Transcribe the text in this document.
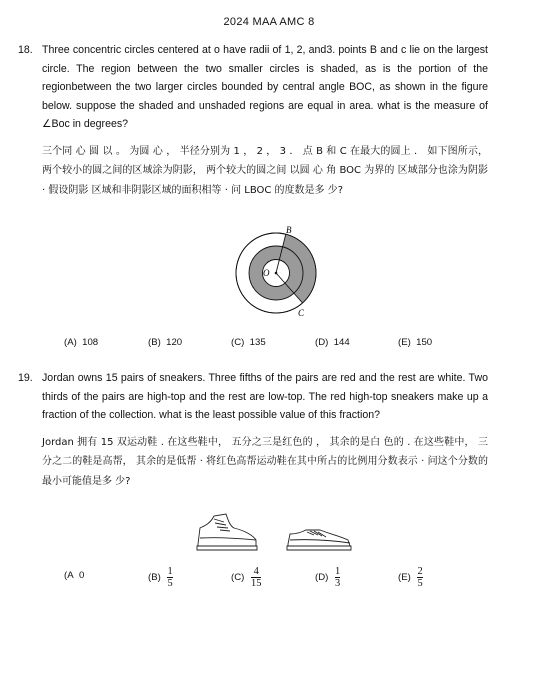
2024 MAA AMC 8
18. Three concentric circles centered at o have radii of 1, 2, and3. points B and c lie on the largest circle. The region between the two smaller circles is shaded, as is the portion of the regionbetween the two larger circles bounded by central angle BOC, as shown in the figure below. suppose the shaded and unshaded regions are equal in area. what is the measure of ∠Boc in degrees?
三个同 心 圆 以 。 为圆 心 ， 半径分别为 1 ， 2 ， 3 ． 点 B 和 C 在最大的圆上 ． 如下图所示， 两个较小的圆之间的区域涂为阴影， 两个较大的圆之间 以圆 心 角 BOC 为界的 区域部分也涂为阴影 · 假设阴影 区域和非阴影区域的面积相等 · 问 LBOC 的度数是多 少?
O
B
C
(A) 108	(B) 120	(C) 135	(D) 144	(E) 150
19. Jordan owns 15 pairs of sneakers. Three fifths of the pairs are red and the rest are white. Two thirds of the pairs are high-top and the rest are low-top. The red high-top sneakers make up a fraction of the collection. what is the least possible value of this fraction?
Jordan 拥有 15 双运动鞋 . 在这些鞋中， 五分之三是红色的 ， 其余的是白 色的 . 在这些鞋中， 三分之二的鞋是高帮， 其余的是低帮 · 将红色高帮运动鞋在其中所占的比例用分数表示 · 问这个分数的最小可能值是多 少?
(A 0	$(B) \frac{1}{5}$	$(C) \frac{4}{15}$	$(D) \frac{1}{3}$	$(E) \frac{2}{5}$
